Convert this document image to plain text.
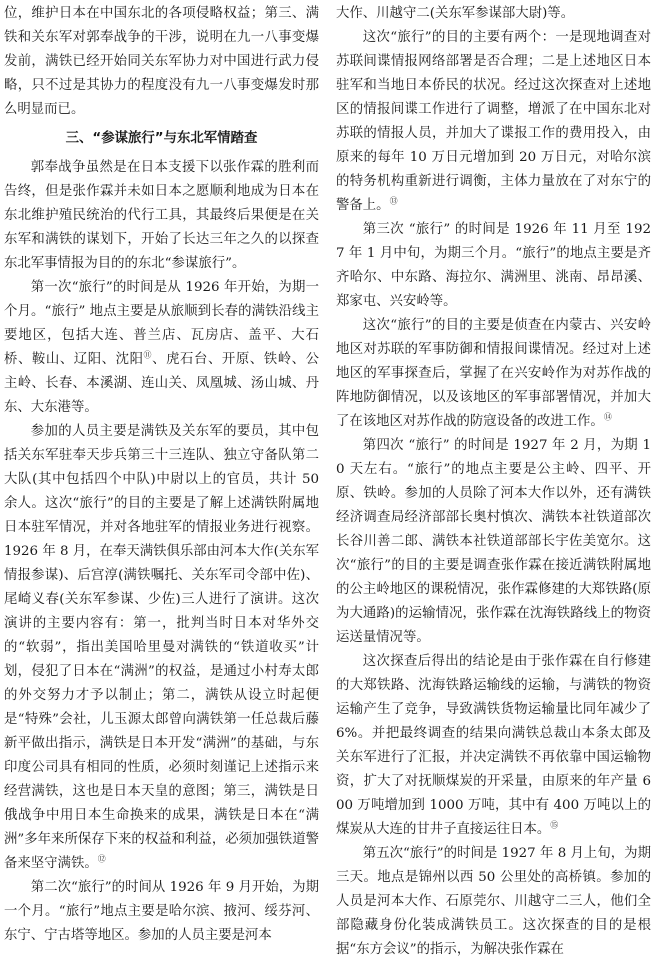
位，维护日本在中国东北的各项侵略权益；第三、满铁和关东军对郭奉战争的干涉，说明在九一八事变爆发前，满铁已经开始同关东军协力对中国进行武力侵略，只不过是其协力的程度没有九一八事变爆发时那么明显而已。

三、“参谋旅行”与东北军情踏查

郭奉战争虽然是在日本支援下以张作霖的胜利而告终，但是张作霖并未如日本之愿顺利地成为日本在东北维护殖民统治的代行工具，其最终后果便是在关东军和满铁的谋划下，开始了长达三年之久的以探查东北军事情报为目的的东北“参谋旅行”。

第一次“旅行”的时间是从 1926 年开始，为期一个月。“旅行” 地点主要是从旅顺到长春的满铁沿线主要地区，包括大连、普兰店、瓦房店、盖平、大石桥、鞍山、辽阳、沈阳⑪、虎石台、开原、铁岭、公主岭、长春、本溪湖、连山关、凤凰城、汤山城、丹东、大东港等。

参加的人员主要是满铁及关东军的要员，其中包括关东军驻奉天步兵第三十三连队、独立守备队第二大队(其中包括四个中队)中尉以上的官员，共计 50 余人。这次“旅行”的目的主要是了解上述满铁附属地日本驻军情况，并对各地驻军的情报业务进行视察。1926 年 8 月，在奉天满铁俱乐部由河本大作(关东军情报参谋)、后宫淳(满铁嘱托、关东军司令部中佐)、尾崎义春(关东军参谋、少佐)三人进行了演讲。这次演讲的主要内容有：第一，批判当时日本对华外交的“软弱”，指出美国哈里曼对满铁的“铁道收买”计划，侵犯了日本在“满洲”的权益，是通过小村寿太郎的外交努力才予以制止；第二，满铁从设立时起便是“特殊”会社，儿玉源太郎曾向满铁第一任总裁后藤新平做出指示，满铁是日本开发“满洲”的基础，与东印度公司具有相同的性质，必须时刻谨记上述指示来经营满铁，这也是日本天皇的意图；第三，满铁是日俄战争中用日本生命换来的成果，满铁是日本在“满洲”多年来所保存下来的权益和利益，必须加强铁道警备来坚守满铁。⑫

第二次“旅行”的时间从 1926 年 9 月开始，为期一个月。“旅行”地点主要是哈尔滨、掖河、绥芬河、东宁、宁古塔等地区。参加的人员主要是河本

大作、川越守二(关东军参谋部大尉)等。

这次“旅行”的目的主要有两个：一是现地调查对苏联间谍情报网络部署是否合理；二是上述地区日本驻军和当地日本侨民的状况。经过这次探查对上述地区的情报间谍工作进行了调整，增派了在中国东北对苏联的情报人员，并加大了谍报工作的费用投入，由原来的每年 10 万日元增加到 20 万日元，对哈尔滨的特务机构重新进行调衡，主体力量放在了对东宁的警备上。⑬

第三次 “旅行” 的时间是 1926 年 11 月至 1927 年 1 月中旬，为期三个月。“旅行”的地点主要是齐齐哈尔、中东路、海拉尔、满洲里、洮南、昂昂溪、郑家屯、兴安岭等。

这次“旅行”的目的主要是侦查在内蒙古、兴安岭地区对苏联的军事防御和情报间谍情况。经过对上述地区的军事探查后，掌握了在兴安岭作为对苏作战的阵地防御情况，以及该地区的军事部署情况，并加大了在该地区对苏作战的防寇设备的改进工作。⑭

第四次 “旅行” 的时间是 1927 年 2 月，为期 10 天左右。“旅行”的地点主要是公主岭、四平、开原、铁岭。参加的人员除了河本大作以外，还有满铁经济调查局经济部部长奥村慎次、满铁本社铁道部次长谷川善二郎、满铁本社铁道部部长宇佐美宽尔。这次“旅行”的目的主要是调查张作霖在接近满铁附属地的公主岭地区的课税情况，张作霖修建的大郑铁路(原为大通路)的运输情况，张作霖在沈海铁路线上的物资运送量情况等。

这次探查后得出的结论是由于张作霖在自行修建的大郑铁路、沈海铁路运输线的运输，与满铁的物资运输产生了竞争，导致满铁货物运输量比同年减少了 6%。并把最终调查的结果向满铁总裁山本条太郎及关东军进行了汇报，并决定满铁不再依靠中国运输物资，扩大了对抚顺煤炭的开采量，由原来的年产量 600 万吨增加到 1000 万吨，其中有 400 万吨以上的煤炭从大连的甘井子直接运往日本。⑮

第五次“旅行”的时间是 1927 年 8 月上旬，为期三天。地点是锦州以西 50 公里处的高桥镇。参加的人员是河本大作、石原莞尔、川越守二三人，他们全部隐藏身份化装成满铁员工。这次探查的目的是根据“东方会议”的指示，为解决张作霖在
